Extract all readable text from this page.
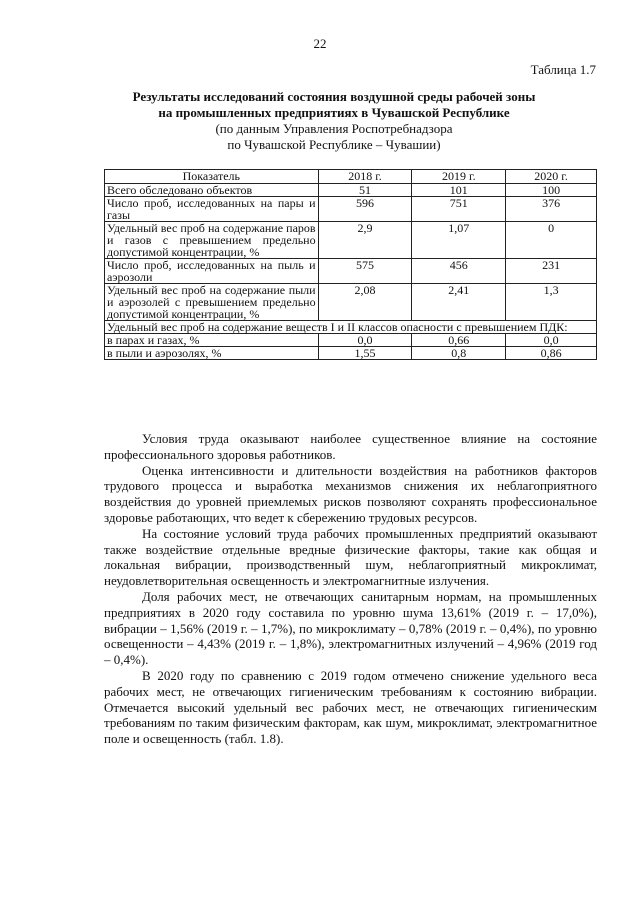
22
Таблица 1.7
Результаты исследований состояния воздушной среды рабочей зоны
на промышленных предприятиях в Чувашской Республике
(по данным Управления Роспотребнадзора
по Чувашской Республике – Чувашии)
Показатель	2018 г.	2019 г.	2020 г.
Всего обследовано объектов	51	101	100
Число проб, исследованных на пары и газы	596	751	376
Удельный вес проб на содержание паров и газов с превышением предельно допустимой концентрации, %	2,9	1,07	0
Число проб, исследованных на пыль и аэрозоли	575	456	231
Удельный вес проб на содержание пыли и аэрозолей с превышением предельно допустимой концентрации, %	2,08	2,41	1,3
Удельный вес проб на содержание веществ I и II классов опасности с превышением ПДК:			
в парах и газах, %	0,0	0,66	0,0
в пыли и аэрозолях, %	1,55	0,8	0,86

Условия труда оказывают наиболее существенное влияние на состояние профессионального здоровья работников.

Оценка интенсивности и длительности воздействия на работников факторов трудового процесса и выработка механизмов снижения их неблагоприятного воздействия до уровней приемлемых рисков позволяют сохранять профессиональное здоровье работающих, что ведет к сбережению трудовых ресурсов.

На состояние условий труда рабочих промышленных предприятий оказывают также воздействие отдельные вредные физические факторы, такие как общая и локальная вибрации, производственный шум, неблагоприятный микроклимат, неудовлетворительная освещенность и электромагнитные излучения.

Доля рабочих мест, не отвечающих санитарным нормам, на промышленных предприятиях в 2020 году составила по уровню шума 13,61% (2019 г. – 17,0%), вибрации – 1,56% (2019 г. – 1,7%), по микроклимату – 0,78% (2019 г. – 0,4%), по уровню освещенности – 4,43% (2019 г. – 1,8%), электромагнитных излучений – 4,96% (2019 год – 0,4%).

В 2020 году по сравнению с 2019 годом отмечено снижение удельного веса рабочих мест, не отвечающих гигиеническим требованиям к состоянию вибрации. Отмечается высокий удельный вес рабочих мест, не отвечающих гигиеническим требованиям по таким физическим факторам, как шум, микроклимат, электромагнитное поле и освещенность (табл. 1.8).
